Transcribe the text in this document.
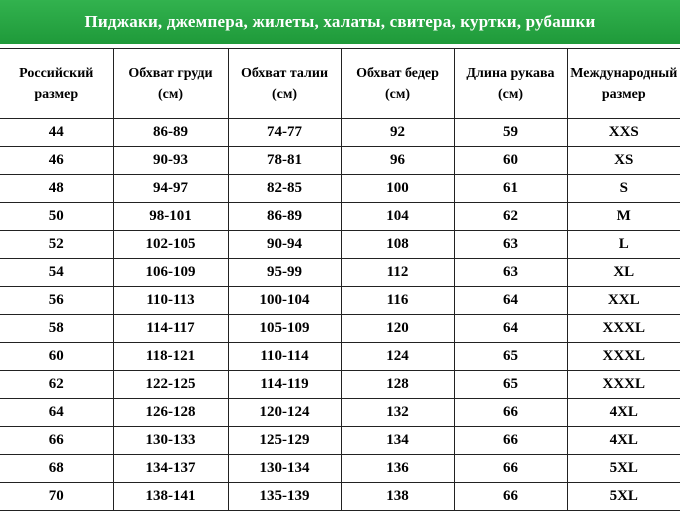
Пиджаки, джемпера, жилеты, халаты, свитера, куртки, рубашки
Российский размер	Обхват груди (см)	Обхват талии (см)	Обхват бедер (см)	Длина рукава (см)	Международный размер
44	86-89	74-77	92	59	XXS
46	90-93	78-81	96	60	XS
48	94-97	82-85	100	61	S
50	98-101	86-89	104	62	M
52	102-105	90-94	108	63	L
54	106-109	95-99	112	63	XL
56	110-113	100-104	116	64	XXL
58	114-117	105-109	120	64	XXXL
60	118-121	110-114	124	65	XXXL
62	122-125	114-119	128	65	XXXL
64	126-128	120-124	132	66	4XL
66	130-133	125-129	134	66	4XL
68	134-137	130-134	136	66	5XL
70	138-141	135-139	138	66	5XL
